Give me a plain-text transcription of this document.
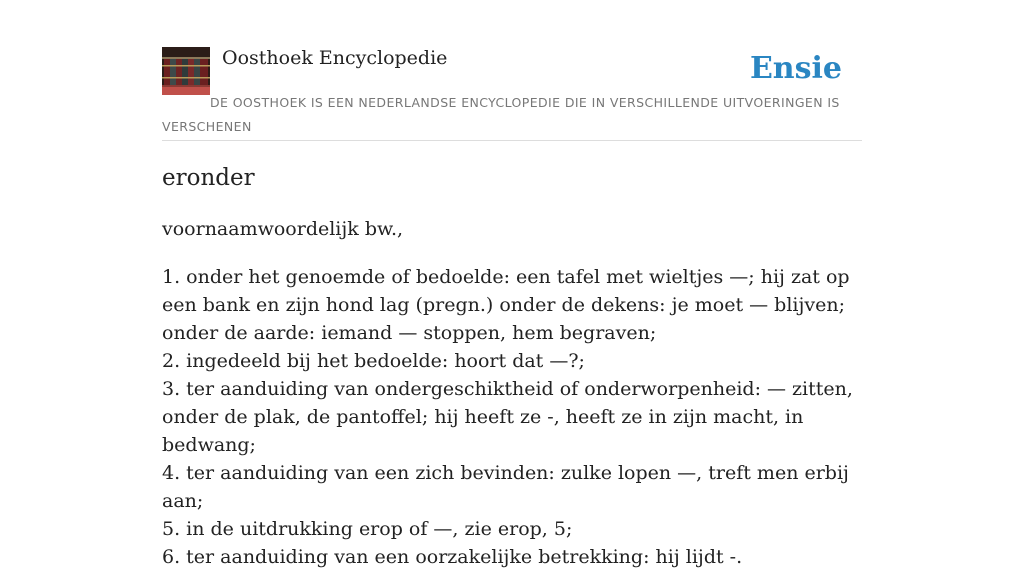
Oosthoek Encyclopedie	Ensie
DE OOSTHOEK IS EEN NEDERLANDSE ENCYCLOPEDIE DIE IN VERSCHILLENDE UITVOERINGEN IS VERSCHENEN
eronder
voornaamwoordelijk bw.,

1. onder het genoemde of bedoelde: een tafel met wieltjes —; hij zat op een bank en zijn hond lag (pregn.) onder de dekens: je moet — blijven; onder de aarde: iemand — stoppen, hem begraven;

2. ingedeeld bij het bedoelde: hoort dat —?;

3. ter aanduiding van ondergeschiktheid of onderworpenheid: — zitten, onder de plak, de pantoffel; hij heeft ze -, heeft ze in zijn macht, in bedwang;

4. ter aanduiding van een zich bevinden: zulke lopen —, treft men erbij aan;

5. in de uitdrukking erop of —, zie erop, 5;

6. ter aanduiding van een oorzakelijke betrekking: hij lijdt -.
